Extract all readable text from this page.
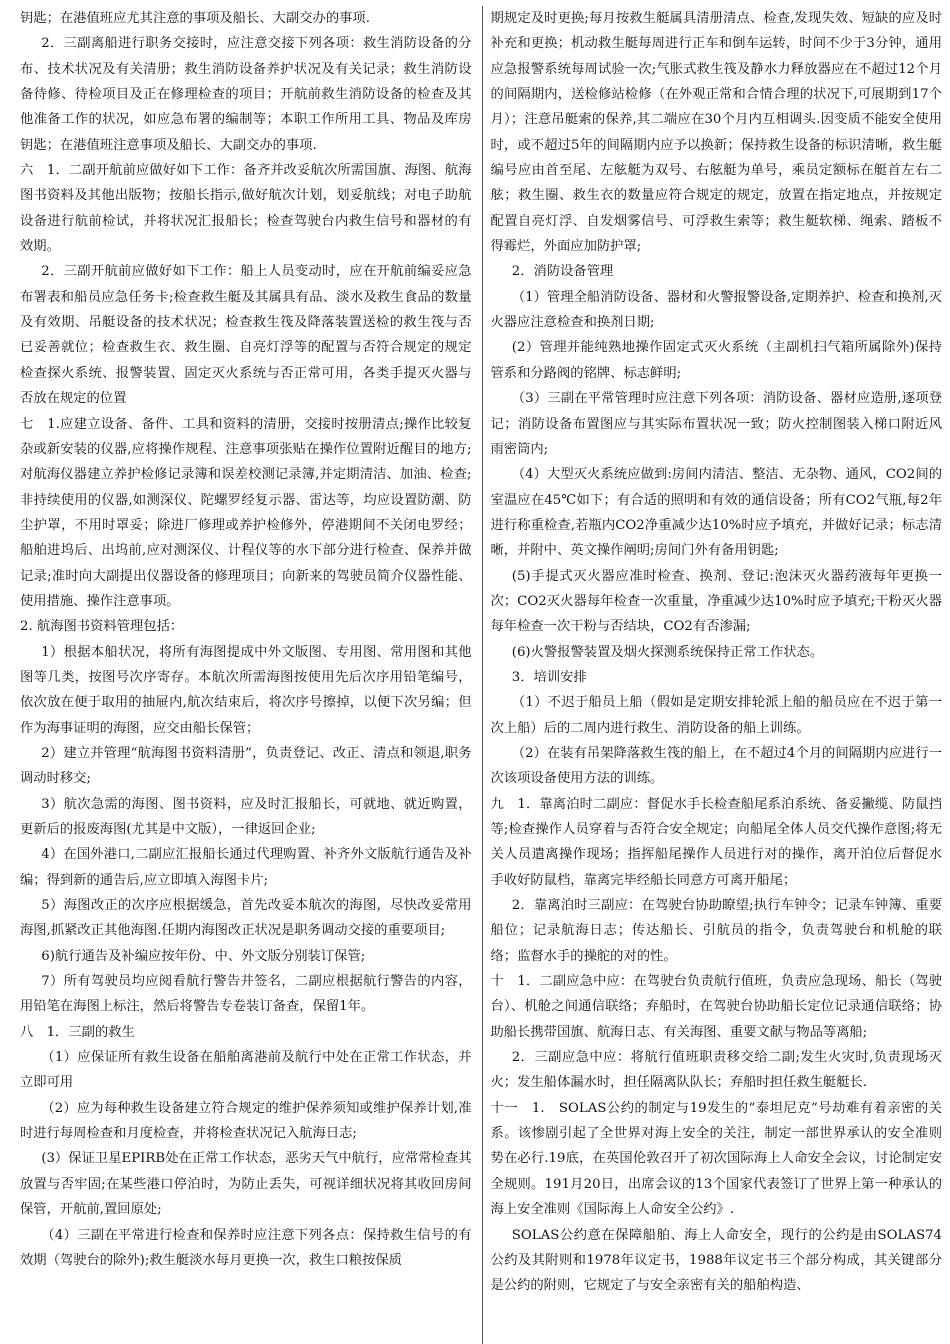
钥匙；在港值班应尤其注意的事项及船长、大副交办的事项.

2．三副离船进行职务交接时，应注意交接下列各项：救生消防设备的分布、技术状况及有关清册；救生消防设备养护状况及有关记录；救生消防设备待修、待检项目及正在修理检查的项目；开航前救生消防设备的检查及其他准备工作的状况，如应急布署的编制等；本职工作所用工具、物品及库房钥匙；在港值班注意事项及船长、大副交办的事项.

六　1．二副开航前应做好如下工作：备齐并改妥航次所需国旗、海图、航海图书资料及其他出版物；按船长指示,做好航次计划，划妥航线；对电子助航设备进行航前检试，并将状况汇报船长；检查驾驶台内救生信号和器材的有效期。

2．三副开航前应做好如下工作：船上人员变动时，应在开航前编妥应急布署表和船员应急任务卡;检查救生艇及其属具有品、淡水及救生食品的数量及有效期、吊艇设备的技术状况；检查救生筏及降落装置送检的救生筏与否已妥善就位；检查救生衣、救生圈、自亮灯浮等的配置与否符合规定的规定检查探火系统、报警装置、固定灭火系统与否正常可用，各类手提灭火器与否放在规定的位置

七　1.应建立设备、备件、工具和资料的清册，交接时按册清点;操作比较复杂或新安装的仪器,应将操作规程、注意事项张贴在操作位置附近醒目的地方;对航海仪器建立养护检修记录簿和误差校测记录簿,并定期清洁、加油、检查;非持续使用的仪器,如测深仪、陀螺罗经复示器、雷达等，均应设置防潮、防尘护罩，不用时罩妥；除进厂修理或养护检修外，停港期间不关闭电罗经；船舶进坞后、出坞前,应对测深仪、计程仪等的水下部分进行检查、保养并做记录;准时向大副提出仪器设备的修理项目；向新来的驾驶员简介仪器性能、使用措施、操作注意事项。

2. 航海图书资料管理包括：

1）根据本船状况，将所有海图提成中外文版图、专用图、常用图和其他图等几类，按图号次序寄存。本航次所需海图按使用先后次序用铅笔编号，依次放在便于取用的抽屉内,航次结束后，将次序号擦掉，以便下次另编；但作为海事证明的海图，应交由船长保管；

2）建立并管理“航海图书资料清册”，负责登记、改正、清点和领退,职务调动时移交;

3）航次急需的海图、图书资料，应及时汇报船长，可就地、就近购置，更新后的报废海图(尤其是中文版），一律返回企业;

4）在国外港口,二副应汇报船长通过代理购置、补齐外文版航行通告及补编；得到新的通告后,应立即填入海图卡片;

5）海图改正的次序应根据缓急，首先改妥本航次的海图，尽快改妥常用海图,抓紧改正其他海图.任期内海图改正状况是职务调动交接的重要项目;

6)航行通告及补编应按年份、中、外文版分别装订保管;

7）所有驾驶员均应阅看航行警告并签名，二副应根据航行警告的内容，用铅笔在海图上标注，然后将警告专卷装订备查，保留1年。

八　1．三副的救生

（1）应保证所有救生设备在船舶离港前及航行中处在正常工作状态，并立即可用

（2）应为每种救生设备建立符合规定的维护保养须知或维护保养计划,准时进行每周检查和月度检查，并将检查状况记入航海日志;

(3）保证卫星EPIRB处在正常工作状态，恶劣天气中航行，应常常检查其放置与否牢固;在某些港口停泊时，为防止丢失，可视详细状况将其收回房间保管，开航前,置回原处;

（4）三副在平常进行检查和保养时应注意下列各点：保持救生信号的有效期（驾驶台的除外);救生艇淡水每月更换一次，救生口粮按保质

期规定及时更换;每月按救生艇属具清册清点、检查,发现失效、短缺的应及时补充和更换；机动救生艇每周进行正车和倒车运转，时间不少于3分钟，通用应急报警系统每周试验一次;气胀式救生筏及静水力释放器应在不超过12个月的间隔期内，送检修站检修（在外观正常和合情合理的状况下,可展期到17个月）；注意吊艇索的保养,其二端应在30个月内互相调头.因变质不能安全使用时，或不超过5年的间隔期内应予以换新；保持救生设备的标识清晰，救生艇编号应由首至尾、左舷艇为双号、右舷艇为单号，乘员定额标在艇首左右二舷；救生圈、救生衣的数量应符合规定的规定，放置在指定地点，并按规定配置自亮灯浮、自发烟雾信号、可浮救生索等；救生艇软梯、绳索、踏板不得霉烂，外面应加防护罩;

2．消防设备管理

（1）管理全船消防设备、器材和火警报警设备,定期养护、检查和换剂,灭火器应注意检查和换剂日期;

(2）管理并能纯熟地操作固定式灭火系统（主副机扫气箱所属除外)保持管系和分路阀的铭牌、标志鲜明;

（3）三副在平常管理时应注意下列各项：消防设备、器材应造册,逐项登记；消防设备布置图应与其实际布置状况一致；防火控制图装入梯口附近风雨密筒内;

（4）大型灭火系统应做到:房间内清洁、整洁、无杂物、通风，CO2间的室温应在45℃如下；有合适的照明和有效的通信设备；所有CO2气瓶,每2年进行称重检查,若瓶内CO2净重减少达10%时应予填充，并做好记录；标志清晰，并附中、英文操作阐明;房间门外有备用钥匙;

(5)手提式灭火器应准时检查、换剂、登记:泡沫灭火器药液每年更换一次；CO2灭火器每年检查一次重量，净重减少达10%时应予填充;干粉灭火器每年检查一次干粉与否结块，CO2有否渗漏;

(6)火警报警装置及烟火探测系统保持正常工作状态。

3．培训安排

（1）不迟于船员上船（假如是定期安排轮派上船的船员应在不迟于第一次上船）后的二周内进行救生、消防设备的船上训练。

（2）在装有吊架降落救生筏的船上，在不超过4个月的间隔期内应进行一次该项设备使用方法的训练。

九　1．靠离泊时二副应：督促水手长检查船尾系泊系统、备妥撇缆、防鼠挡等;检查操作人员穿着与否符合安全规定；向船尾全体人员交代操作意图;将无关人员遣离操作现场；指挥船尾操作人员进行对的操作，离开泊位后督促水手收好防鼠档，靠离完毕经船长同意方可离开船尾；

2．靠离泊时三副应：在驾驶台协助瞭望;执行车钟令；记录车钟簿、重要船位；记录航海日志；传达船长、引航员的指令，负责驾驶台和机舱的联络；监督水手的操舵的对的性。

十　1．二副应急中应：在驾驶台负责航行值班，负责应急现场、船长（驾驶台）、机舱之间通信联络；弃船时，在驾驶台协助船长定位记录通信联络；协助船长携带国旗、航海日志、有关海图、重要文献与物品等离船;

2．三副应急中应：将航行值班职责移交给二副;发生火灾时,负责现场灭火；发生船体漏水时，担任隔离队队长；弃船时担任救生艇艇长.

十一　1.　SOLAS公约的制定与19发生的“泰坦尼克”号劫难有着亲密的关系。该惨剧引起了全世界对海上安全的关注，制定一部世界承认的安全准则势在必行.19底，在英国伦敦召开了初次国际海上人命安全会议，讨论制定安全规则。191月20日，出席会议的13个国家代表签订了世界上第一种承认的海上安全准则《国际海上人命安全公约》.

SOLAS公约意在保障船舶、海上人命安全，现行的公约是由SOLAS74公约及其附则和1978年议定书，1988年议定书三个部分构成，其关键部分是公约的附则，它规定了与安全亲密有关的船舶构造、
